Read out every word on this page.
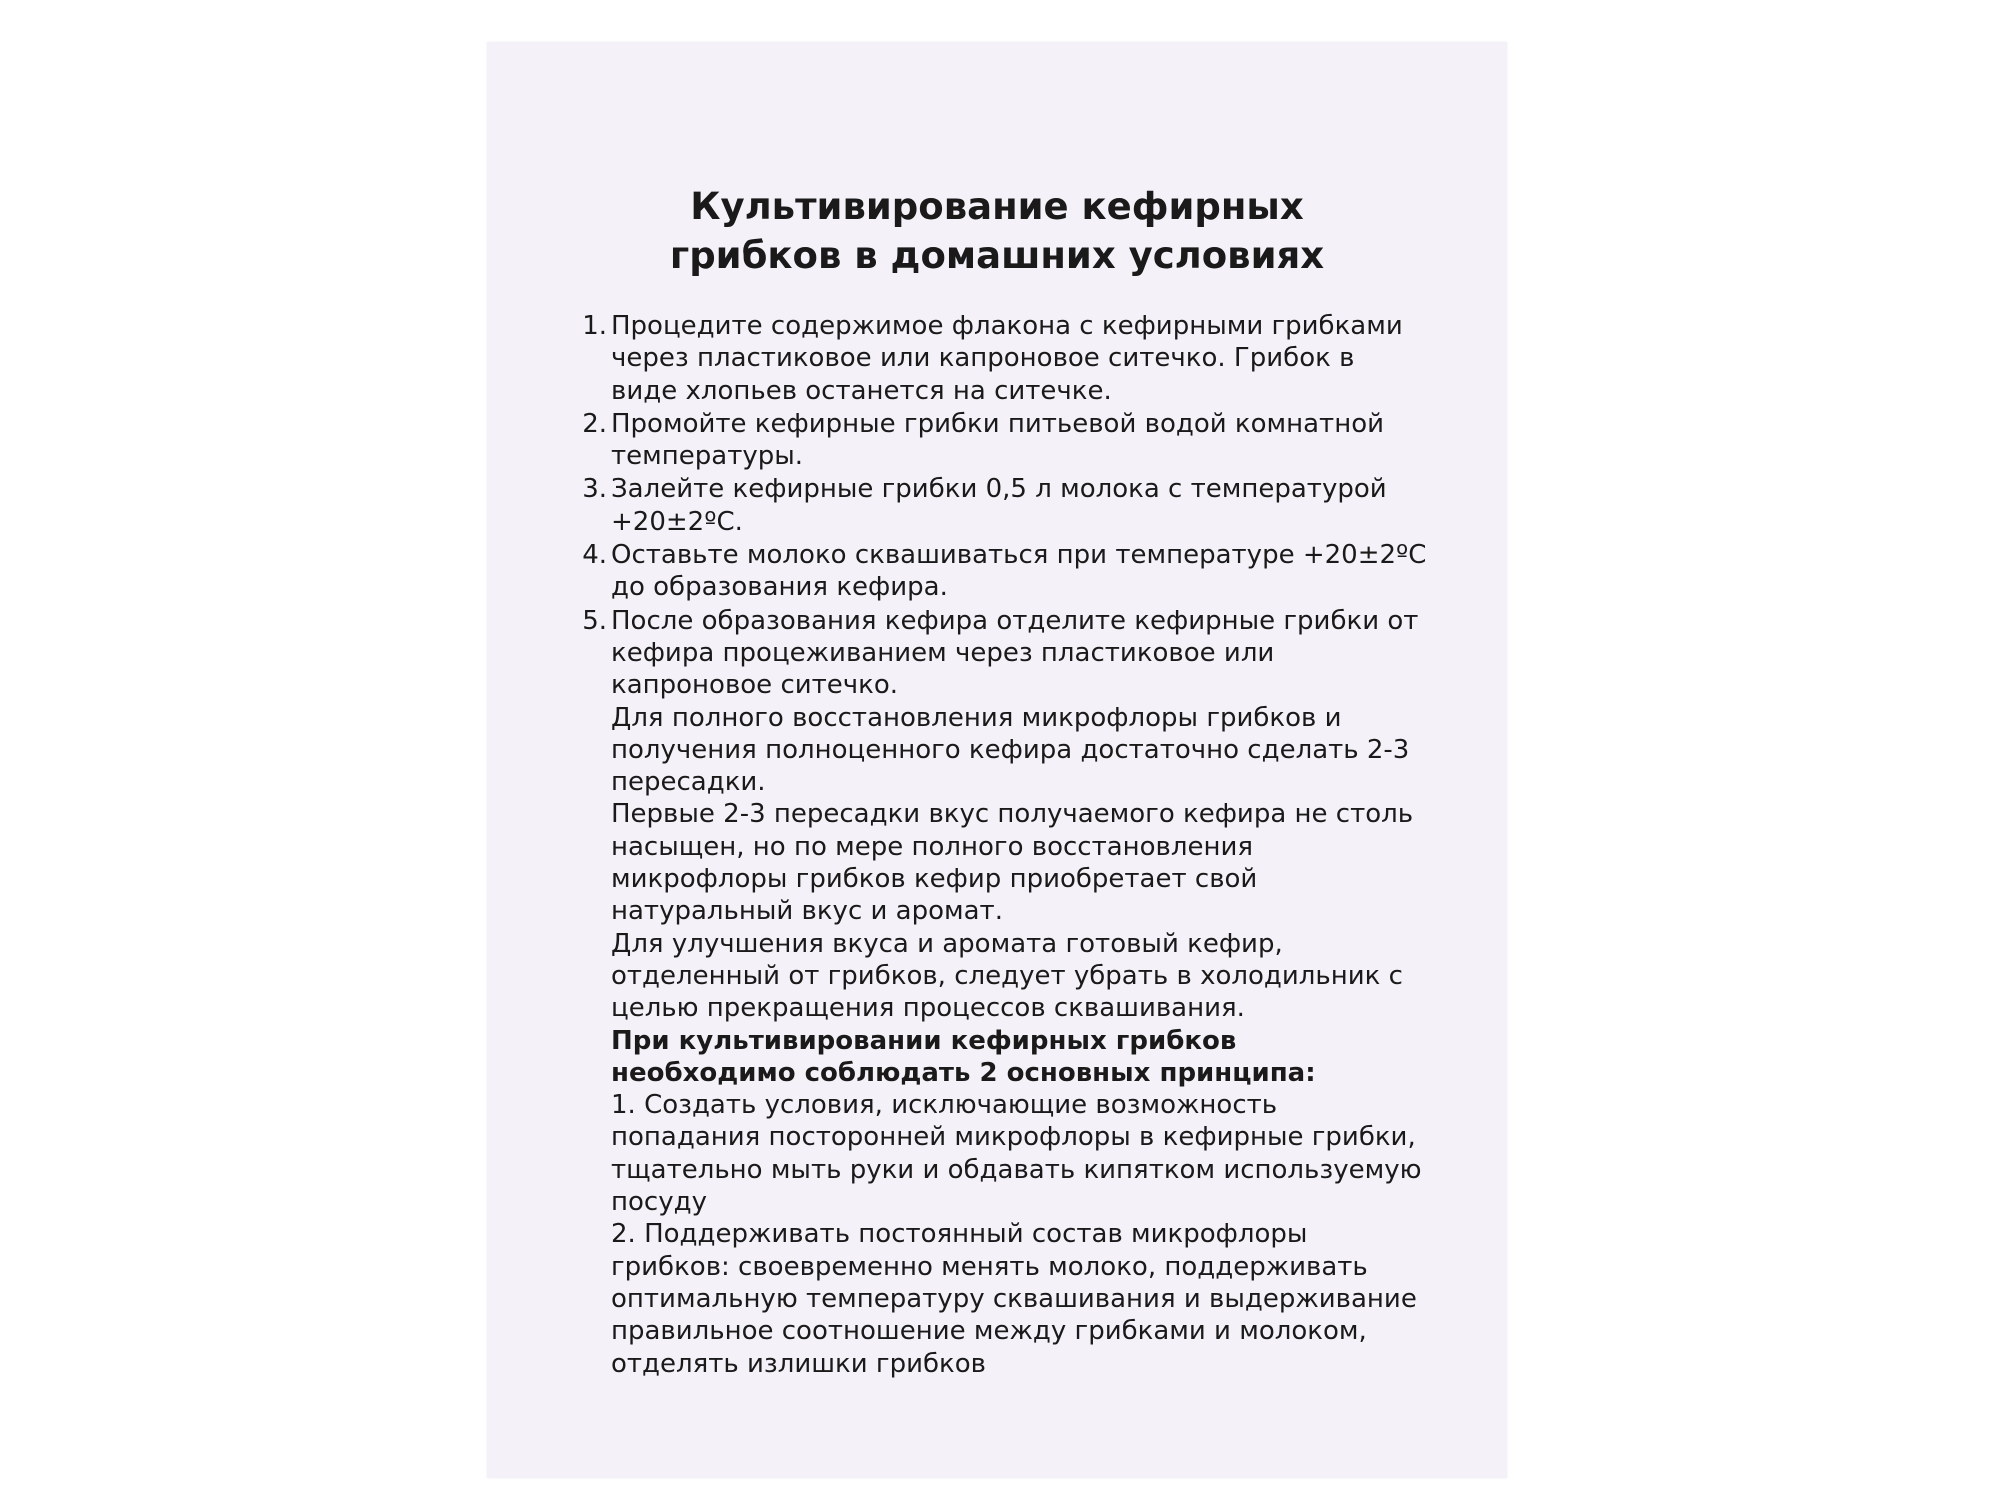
Культивирование кефирных
грибков в домашних условиях
1. Процедите содержимое флакона с кефирными грибками
через пластиковое или капроновое ситечко. Грибок в
виде хлопьев останется на ситечке.
2. Промойте кефирные грибки питьевой водой комнатной
температуры.
3. Залейте кефирные грибки 0,5 л молока с температурой
+20±2ºС.
4. Оставьте молоко сквашиваться при температуре +20±2ºС
до образования кефира.
5. После образования кефира отделите кефирные грибки от
кефира процеживанием через пластиковое или
капроновое ситечко.

Для полного восстановления микрофлоры грибков и
получения полноценного кефира достаточно сделать 2-3
пересадки.

Первые 2-3 пересадки вкус получаемого кефира не столь
насыщен, но по мере полного восстановления
микрофлоры грибков кефир приобретает свой
натуральный вкус и аромат.

Для улучшения вкуса и аромата готовый кефир,
отделенный от грибков, следует убрать в холодильник с
целью прекращения процессов сквашивания.

При культивировании кефирных грибков
необходимо соблюдать 2 основных принципа:

1. Создать условия, исключающие возможность
попадания посторонней микрофлоры в кефирные грибки,
тщательно мыть руки и обдавать кипятком используемую
посуду

2. Поддерживать постоянный состав микрофлоры
грибков: своевременно менять молоко, поддерживать
оптимальную температуру сквашивания и выдерживание
правильное соотношение между грибками и молоком,
отделять излишки грибков
